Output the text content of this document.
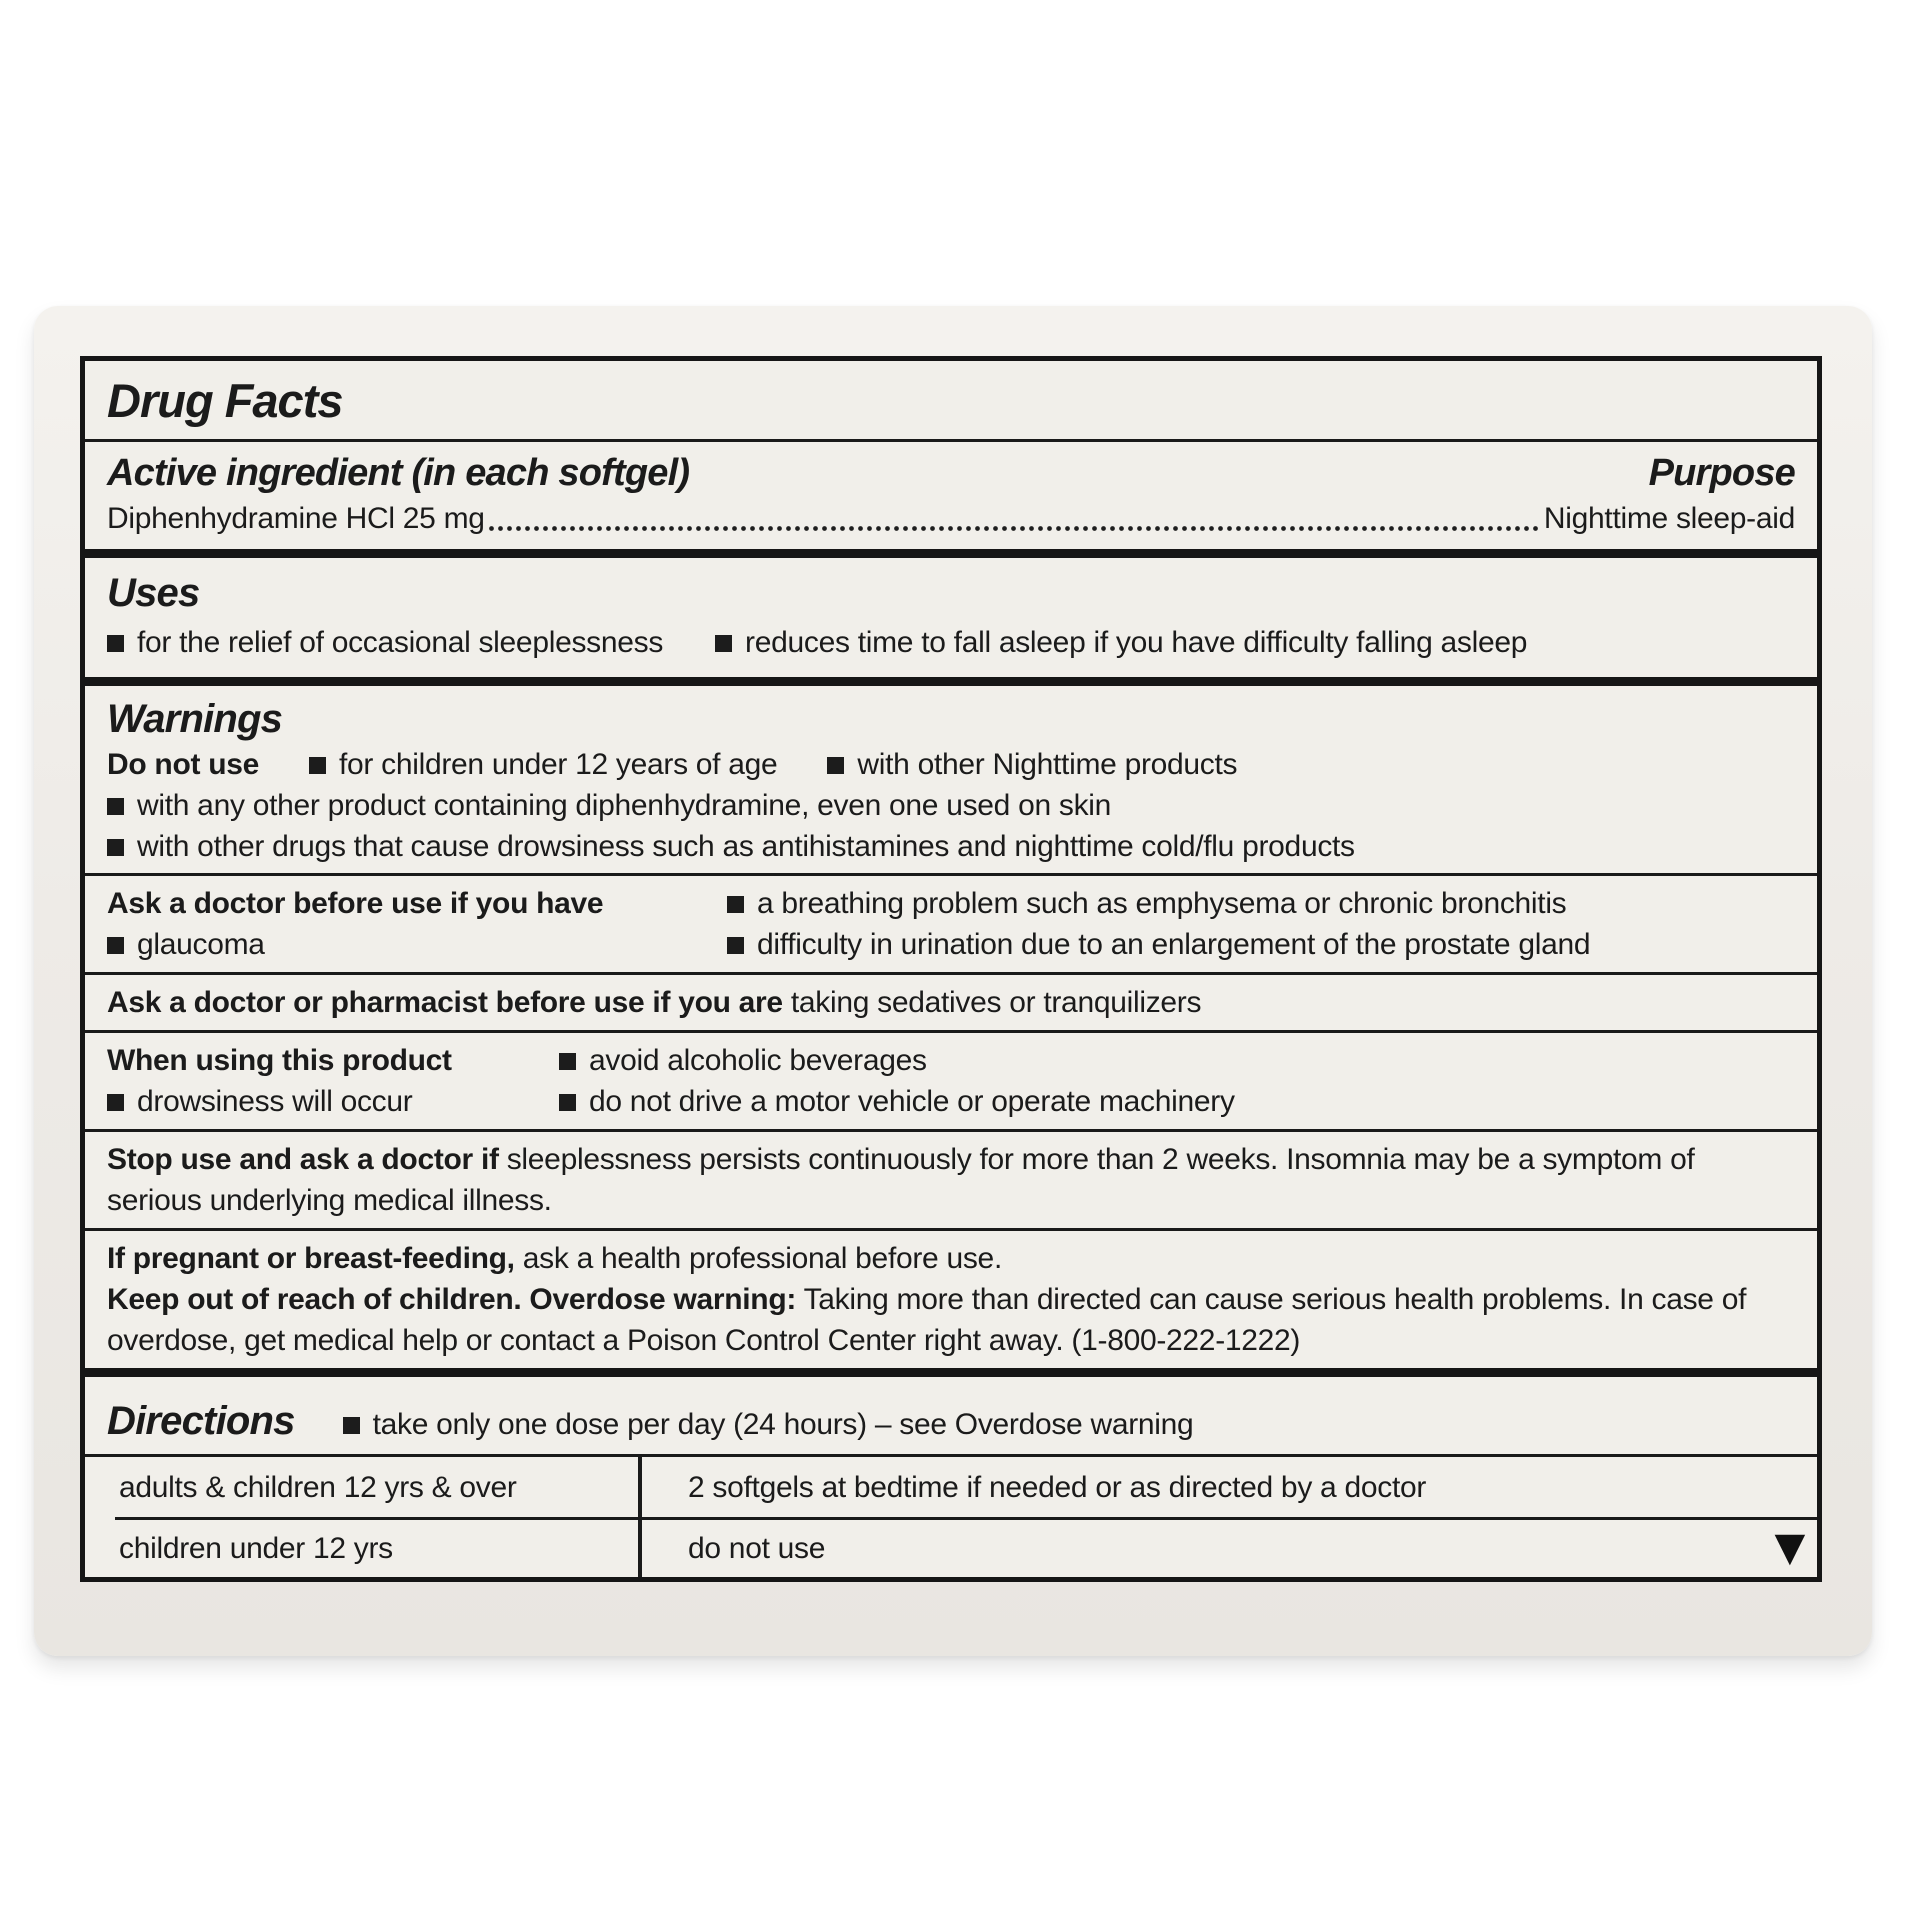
Drug Facts
Active ingredient (in each softgel)	Purpose
Diphenhydramine HCl 25 mg	Nighttime sleep-aid
Uses
for the relief of occasional sleeplessness	reduces time to fall asleep if you have difficulty falling asleep
Warnings
Do not use	for children under 12 years of age	with other Nighttime products
with any other product containing diphenhydramine, even one used on skin
with other drugs that cause drowsiness such as antihistamines and nighttime cold/flu products
Ask a doctor before use if you have	a breathing problem such as emphysema or chronic bronchitis
glaucoma	difficulty in urination due to an enlargement of the prostate gland
Ask a doctor or pharmacist before use if you are taking sedatives or tranquilizers
When using this product	avoid alcoholic beverages
drowsiness will occur	do not drive a motor vehicle or operate machinery
Stop use and ask a doctor if sleeplessness persists continuously for more than 2 weeks. Insomnia may be a symptom of serious underlying medical illness.
If pregnant or breast-feeding, ask a health professional before use.
Keep out of reach of children. Overdose warning: Taking more than directed can cause serious health problems. In case of overdose, get medical help or contact a Poison Control Center right away. (1-800-222-1222)
Directions	take only one dose per day (24 hours) – see Overdose warning
adults & children 12 yrs & over	2 softgels at bedtime if needed or as directed by a doctor
children under 12 yrs	do not use	▼
